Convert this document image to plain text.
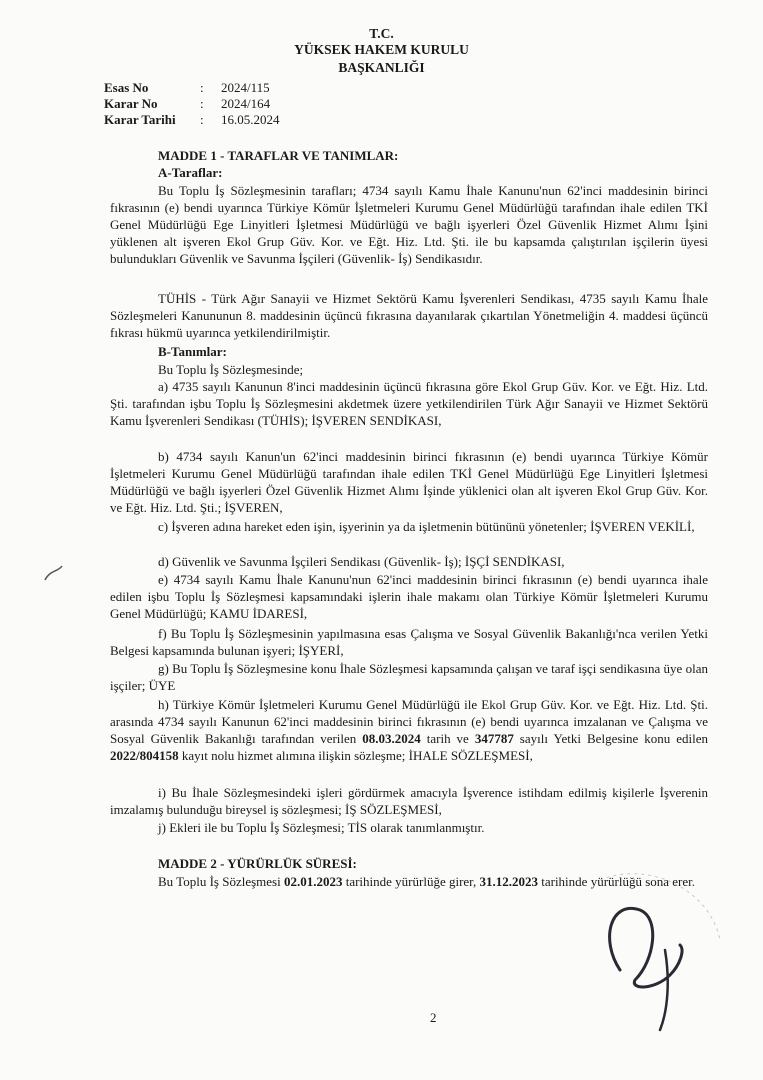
T.C.
YÜKSEK HAKEM KURULU
BAŞKANLIĞI
Esas No	: 2024/115
Karar No	: 2024/164
Karar Tarihi : 16.05.2024
MADDE 1 - TARAFLAR VE TANIMLAR:
A-Taraflar:
Bu Toplu İş Sözleşmesinin tarafları; 4734 sayılı Kamu İhale Kanunu'nun 62'inci maddesinin birinci fıkrasının (e) bendi uyarınca Türkiye Kömür İşletmeleri Kurumu Genel Müdürlüğü tarafından ihale edilen TKİ Genel Müdürlüğü Ege Linyitleri İşletmesi Müdürlüğü ve bağlı işyerleri Özel Güvenlik Hizmet Alımı İşini yüklenen alt işveren Ekol Grup Güv. Kor. ve Eğt. Hiz. Ltd. Şti. ile bu kapsamda çalıştırılan işçilerin üyesi bulundukları Güvenlik ve Savunma İşçileri (Güvenlik- İş) Sendikasıdır.
TÜHİS - Türk Ağır Sanayii ve Hizmet Sektörü Kamu İşverenleri Sendikası, 4735 sayılı Kamu İhale Sözleşmeleri Kanununun 8. maddesinin üçüncü fıkrasına dayanılarak çıkartılan Yönetmeliğin 4. maddesi üçüncü fıkrası hükmü uyarınca yetkilendirilmiştir.
B-Tanımlar:
Bu Toplu İş Sözleşmesinde;
a) 4735 sayılı Kanunun 8'inci maddesinin üçüncü fıkrasına göre Ekol Grup Güv. Kor. ve Eğt. Hiz. Ltd. Şti. tarafından işbu Toplu İş Sözleşmesini akdetmek üzere yetkilendirilen Türk Ağır Sanayii ve Hizmet Sektörü Kamu İşverenleri Sendikası (TÜHİS); İŞVEREN SENDİKASI,
b) 4734 sayılı Kanun'un 62'inci maddesinin birinci fıkrasının (e) bendi uyarınca Türkiye Kömür İşletmeleri Kurumu Genel Müdürlüğü tarafından ihale edilen TKİ Genel Müdürlüğü Ege Linyitleri İşletmesi Müdürlüğü ve bağlı işyerleri Özel Güvenlik Hizmet Alımı İşinde yüklenici olan alt işveren Ekol Grup Güv. Kor. ve Eğt. Hiz. Ltd. Şti.; İŞVEREN,
c) İşveren adına hareket eden işin, işyerinin ya da işletmenin bütününü yönetenler; İŞVEREN VEKİLİ,
d) Güvenlik ve Savunma İşçileri Sendikası (Güvenlik- İş); İŞÇİ SENDİKASI,
e) 4734 sayılı Kamu İhale Kanunu'nun 62'inci maddesinin birinci fıkrasının (e) bendi uyarınca ihale edilen işbu Toplu İş Sözleşmesi kapsamındaki işlerin ihale makamı olan Türkiye Kömür İşletmeleri Kurumu Genel Müdürlüğü; KAMU İDARESİ,
f) Bu Toplu İş Sözleşmesinin yapılmasına esas Çalışma ve Sosyal Güvenlik Bakanlığı'nca verilen Yetki Belgesi kapsamında bulunan işyeri; İŞYERİ,
g) Bu Toplu İş Sözleşmesine konu İhale Sözleşmesi kapsamında çalışan ve taraf işçi sendikasına üye olan işçiler; ÜYE
h) Türkiye Kömür İşletmeleri Kurumu Genel Müdürlüğü ile Ekol Grup Güv. Kor. ve Eğt. Hiz. Ltd. Şti. arasında 4734 sayılı Kanunun 62'inci maddesinin birinci fıkrasının (e) bendi uyarınca imzalanan ve Çalışma ve Sosyal Güvenlik Bakanlığı tarafından verilen 08.03.2024 tarih ve 347787 sayılı Yetki Belgesine konu edilen 2022/804158 kayıt nolu hizmet alımına ilişkin sözleşme; İHALE SÖZLEŞMESİ,
i) Bu İhale Sözleşmesindeki işleri gördürmek amacıyla İşverence istihdam edilmiş kişilerle İşverenin imzalamış bulunduğu bireysel iş sözleşmesi; İŞ SÖZLEŞMESİ,
j) Ekleri ile bu Toplu İş Sözleşmesi; TİS olarak tanımlanmıştır.
MADDE 2 - YÜRÜRLÜK SÜRESİ:
Bu Toplu İş Sözleşmesi 02.01.2023 tarihinde yürürlüğe girer, 31.12.2023 tarihinde yürürlüğü sona erer.
2
